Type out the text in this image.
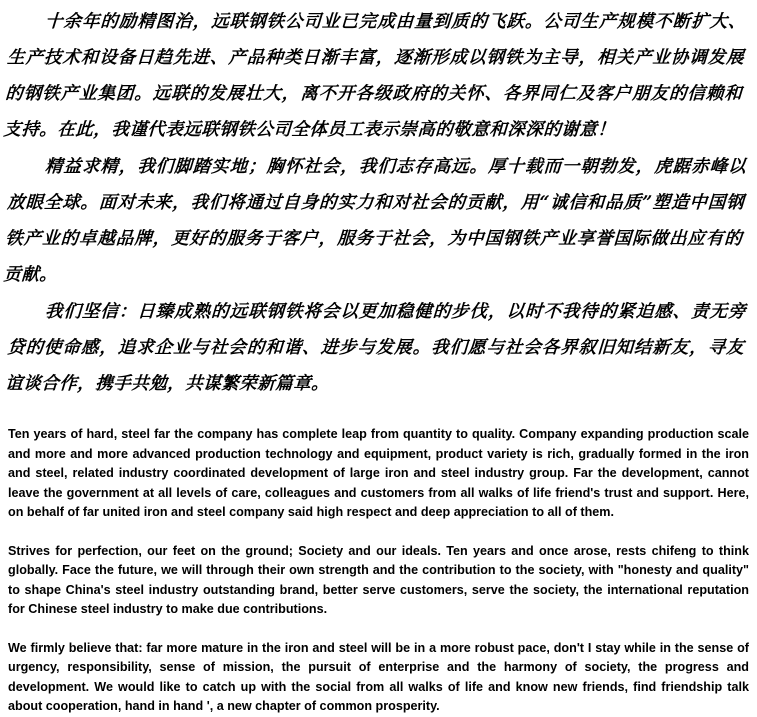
十余年的励精图治，远联钢铁公司业已完成由量到质的飞跃。公司生产规模不断扩大、生产技术和设备日趋先进、产品种类日渐丰富，逐渐形成以钢铁为主导，相关产业协调发展的钢铁产业集团。远联的发展壮大，离不开各级政府的关怀、各界同仁及客户朋友的信赖和支持。在此，我谨代表远联钢铁公司全体员工表示崇高的敬意和深深的谢意！

精益求精，我们脚踏实地；胸怀社会，我们志存高远。厚十载而一朝勃发，虎踞赤峰以放眼全球。面对未来，我们将通过自身的实力和对社会的贡献，用“诚信和品质”塑造中国钢铁产业的卓越品牌，更好的服务于客户，服务于社会，为中国钢铁产业享誉国际做出应有的贡献。

我们坚信：日臻成熟的远联钢铁将会以更加稳健的步伐，以时不我待的紧迫感、责无旁贷的使命感，追求企业与社会的和谐、进步与发展。我们愿与社会各界叙旧知结新友，寻友谊谈合作，携手共勉，共谋繁荣新篇章。

Ten years of hard, steel far the company has complete leap from quantity to quality. Company expanding production scale and more and more advanced production technology and equipment, product variety is rich, gradually formed in the iron and steel, related industry coordinated development of large iron and steel industry group. Far the development, cannot leave the government at all levels of care, colleagues and customers from all walks of life friend's trust and support. Here, on behalf of far united iron and steel company said high respect and deep appreciation to all of them.

Strives for perfection, our feet on the ground; Society and our ideals. Ten years and once arose, rests chifeng to think globally. Face the future, we will through their own strength and the contribution to the society, with "honesty and quality" to shape China's steel industry outstanding brand, better serve customers, serve the society, the international reputation for Chinese steel industry to make due contributions.

We firmly believe that: far more mature in the iron and steel will be in a more robust pace, don't I stay while in the sense of urgency, responsibility, sense of mission, the pursuit of enterprise and the harmony of society, the progress and development. We would like to catch up with the social from all walks of life and know new friends, find friendship talk about cooperation, hand in hand ', a new chapter of common prosperity.
